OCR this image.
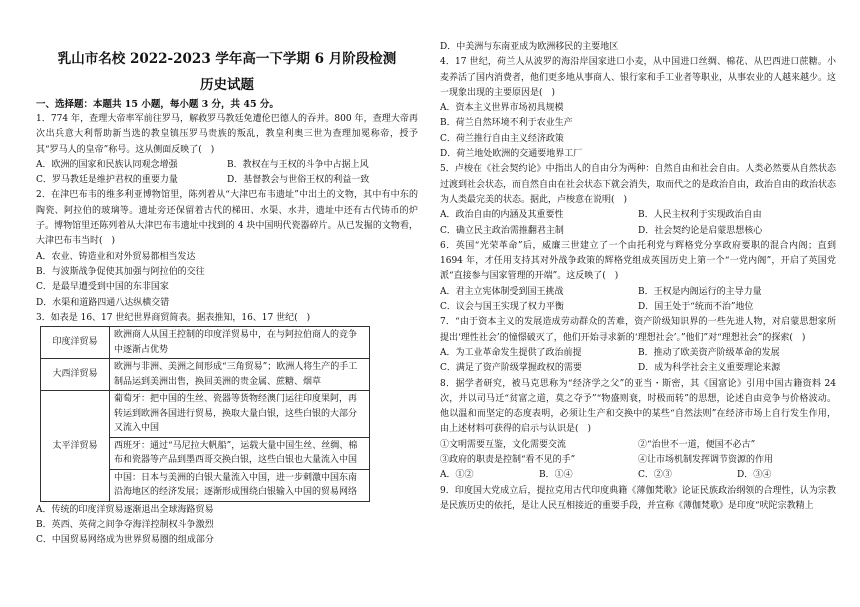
乳山市名校 2022-2023 学年高一下学期 6 月阶段检测
历史试题
一、选择题：本题共 15 小题，每小题 3 分，共 45 分。

1．774 年，查理大帝率军前往罗马，解救罗马教廷免遭伦巴德人的吞并。800 年，查理大帝再次出兵意大利帮助新当选的教皇镇压罗马贵族的叛乱，教皇利奥三世为查理加冕称帝，授予其“罗马人的皇帝”称号。这从侧面反映了(　)

A．欧洲的国家和民族认同观念增强	B．教权在与王权的斗争中占据上风
C．罗马教廷是维护君权的重要力量	D．基督教会与世俗王权的利益一致

2．在津巴布韦的维多利亚博物馆里，陈列着从“大津巴布韦遗址”中出土的文物，其中有中东的陶瓷、阿拉伯的玻璃等。遗址旁还保留着古代的梯田、水渠、水井，遗址中还有古代铸币的炉子。博物馆里还陈列着从大津巴布韦遗址中找到的 4 块中国明代瓷器碎片。从已发掘的文物看，大津巴布韦当时(　)

A．农业、铸造业和对外贸易都相当发达
B．与波斯战争促使其加强与阿拉伯的交往
C．是最早遭受到中国的东非国家
D．水渠和道路四通八达纵横交错

3．如表是 16、17 世纪世界商贸简表。据表推知，16、17 世纪(　)

印度洋贸易	欧洲商人从国王控制的印度洋贸易中，在与阿拉伯商人的竞争中逐渐占优势
大西洋贸易	欧洲与非洲、美洲之间形成“三角贸易”；欧洲人将生产的手工制品运到美洲出售，换回美洲的贵金属、蔗糖、烟草
太平洋贸易	葡萄牙：把中国的生丝、瓷器等货物经澳门运往印度果阿，再转运到欧洲各国进行贸易，换取大量白银，这些白银的大部分又流入中国
	西班牙：通过“马尼拉大帆船”，运载大量中国生丝、丝绸、棉布和瓷器等产品到墨西哥交换白银，这些白银也大量流入中国
	中国：日本与美洲的白银大量流入中国，进一步刺激中国东南沿海地区的经济发展；逐渐形成围绕白银输入中国的贸易网络
A．传统的印度洋贸易逐渐退出全球海路贸易
B．英西、英荷之间争夺海洋控制权斗争激烈
C．中国贸易网络成为世界贸易圈的组成部分
D．中美洲与东南亚成为欧洲移民的主要地区

4．17 世纪，荷兰人从波罗的海沿岸国家进口小麦，从中国进口丝绸、棉花、从巴西进口蔗糖。小麦养活了国内消费者，他们更多地从事商人、银行家和手工业者等职业，从事农业的人越来越少。这一现象出现的主要原因是(　)

A．资本主义世界市场初具规模
B．荷兰自然环境不利于农业生产
C．荷兰推行自由主义经济政策
D．荷兰地处欧洲的交通要地界工厂

5．卢梭在《社会契约论》中指出人的自由分为两种：自然自由和社会自由。人类必然要从自然状态过渡到社会状态，而自然自由在社会状态下就会消失，取而代之的是政治自由，政治自由的政治状态为人类最完美的状态。据此，卢梭意在说明(　)

A．政治自由的内涵及其重要性	B．人民主权利于实现政治自由
C．确立民主政治需推翻君主制	D．社会契约论是启蒙思想核心

6．英国“光荣革命”后，威廉三世建立了一个由托利党与辉格党分享政府要职的混合内阁；直到 1694 年，才任用支持其对外战争政策的辉格党组成英国历史上第一个“一党内阁”，开启了英国党派“直接参与国家管理的开端”。这反映了(　)

A．君主立宪体制受到国王挑战	B．王权是内阁运行的主导力量
C．议会与国王实现了权力平衡	D．国王处于“统而不治”地位

7．“由于资本主义的发展造成劳动群众的苦难，资产阶级知识界的一些先进人物，对启蒙思想家所提出‘理性社会’的憧憬破灭了，他们开始寻求新的‘理想社会’。”他们”对“理想社会”的探索(　)

A．为工业革命发生提供了政治前提	B．推动了欧美资产阶级革命的发展
C．满足了资产阶级掌握政权的需要	D．成为科学社会主义重要理论来源

8．据学者研究，被马克思称为“经济学之父”的亚当・斯密，其《国富论》引用中国古籍资料 24 次，并以司马迁“贫富之道，莫之夺予”“物盛则衰，时极而转”的思想，论述自由竞争与价格波动。他以温和而坚定的态度表明，必须让生产和交换中的某些“自然法则”在经济市场上自行发生作用，由上述材料可获得的启示与认识是(　)

①文明需要互鉴，文化需要交流	②“治世不一道，便国不必古”
③政府的职责是控制“看不见的手”	④让市场机制发挥调节资源的作用
A．①②	B．①④	C．②③	D．③④

9．印度国大党成立后，提拉克用古代印度典籍《薄伽梵歌》论证民族政治纲领的合理性，认为宗教是民族历史的依托，是让人民互相接近的重要手段，并宣称《薄伽梵歌》是印度“吠陀宗教精上
